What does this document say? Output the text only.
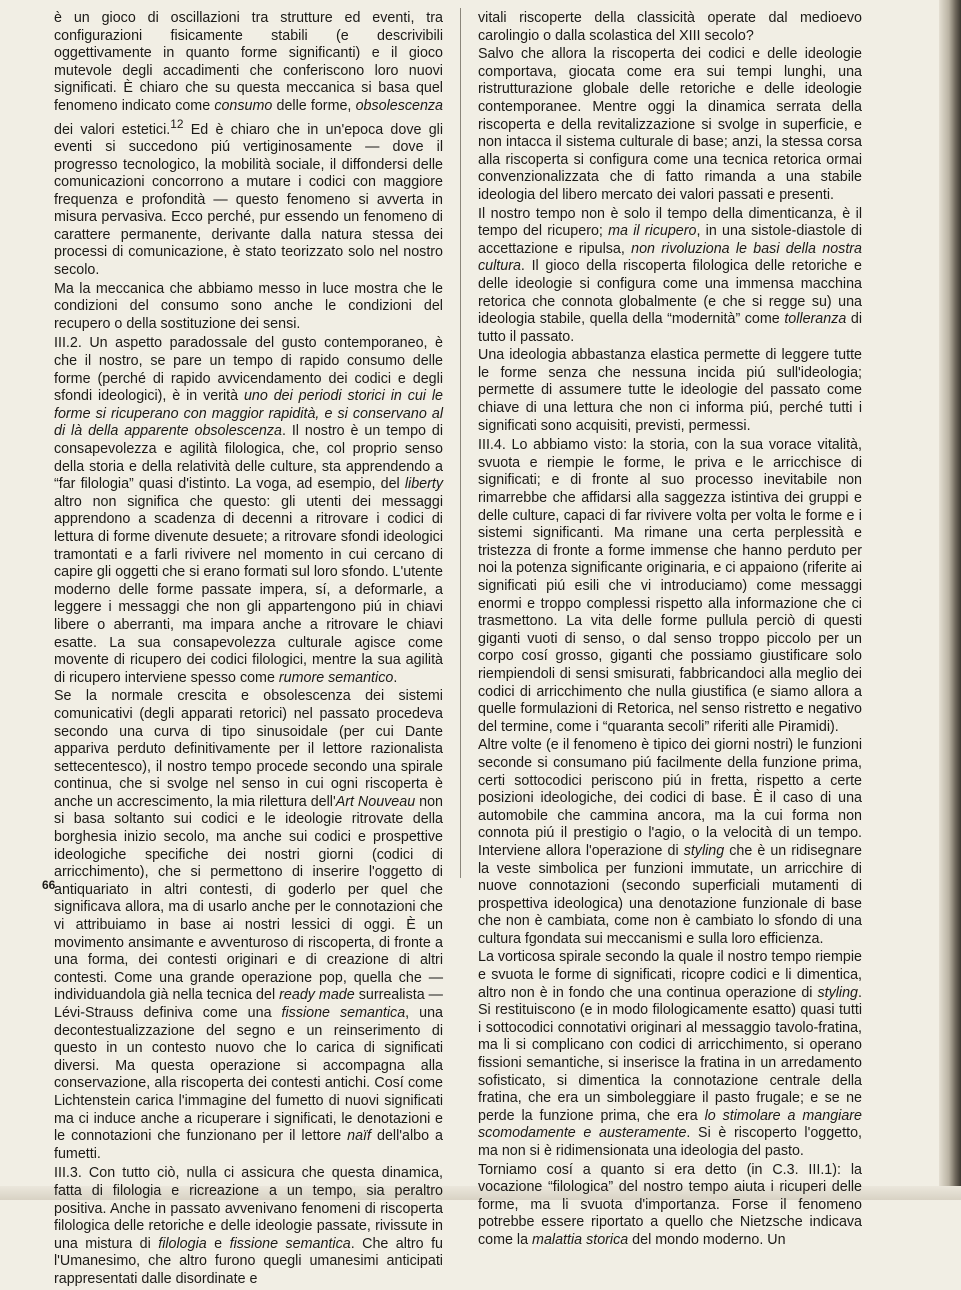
è un gioco di oscillazioni tra strutture ed eventi, tra configurazioni fisicamente stabili (e descrivibili oggettivamente in quanto forme significanti) e il gioco mutevole degli accadimenti che conferiscono loro nuovi significati. È chiaro che su questa meccanica si basa quel fenomeno indicato come consumo delle forme, obsolescenza dei valori estetici.$^{12}$ Ed è chiaro che in un'epoca dove gli eventi si succedono piú vertiginosamente — dove il progresso tecnologico, la mobilità sociale, il diffondersi delle comunicazioni concorrono a mutare i codici con maggiore frequenza e profondità — questo fenomeno si avverta in misura pervasiva. Ecco perché, pur essendo un fenomeno di carattere permanente, derivante dalla natura stessa dei processi di comunicazione, è stato teorizzato solo nel nostro secolo.

Ma la meccanica che abbiamo messo in luce mostra che le condizioni del consumo sono anche le condizioni del recupero o della sostituzione dei sensi.

III.2. Un aspetto paradossale del gusto contemporaneo, è che il nostro, se pare un tempo di rapido consumo delle forme (perché di rapido avvicendamento dei codici e degli sfondi ideologici), è in verità uno dei periodi storici in cui le forme si ricuperano con maggior rapidità, e si conservano al di là della apparente obsolescenza. Il nostro è un tempo di consapevolezza e agilità filologica, che, col proprio senso della storia e della relatività delle culture, sta apprendendo a “far filologia” quasi d'istinto. La voga, ad esempio, del liberty altro non significa che questo: gli utenti dei messaggi apprendono a scadenza di decenni a ritrovare i codici di lettura di forme divenute desuete; a ritrovare sfondi ideologici tramontati e a farli rivivere nel momento in cui cercano di capire gli oggetti che si erano formati sul loro sfondo. L'utente moderno delle forme passate impera, sí, a deformarle, a leggere i messaggi che non gli appartengono piú in chiavi libere o aberranti, ma impara anche a ritrovare le chiavi esatte. La sua consapevolezza culturale agisce come movente di ricupero dei codici filologici, mentre la sua agilità di ricupero interviene spesso come rumore semantico.

Se la normale crescita e obsolescenza dei sistemi comunicativi (degli apparati retorici) nel passato procedeva secondo una curva di tipo sinusoidale (per cui Dante appariva perduto definitivamente per il lettore razionalista settecentesco), il nostro tempo procede secondo una spirale continua, che si svolge nel senso in cui ogni riscoperta è anche un accrescimento, la mia rilettura dell'Art Nouveau non si basa soltanto sui codici e le ideologie ritrovate della borghesia inizio secolo, ma anche sui codici e prospettive ideologiche specifiche dei nostri giorni (codici di arricchimento), che si permettono di inserire l'oggetto di antiquariato in altri contesti, di goderlo per quel che significava allora, ma di usarlo anche per le connotazioni che vi attribuiamo in base ai nostri lessici di oggi. È un movimento ansimante e avventuroso di riscoperta, di fronte a una forma, dei contesti originari e di creazione di altri contesti. Come una grande operazione pop, quella che — individuandola già nella tecnica del ready made surrealista — Lévi-Strauss definiva come una fissione semantica, una decontestualizzazione del segno e un reinserimento di questo in un contesto nuovo che lo carica di significati diversi. Ma questa operazione si accompagna alla conservazione, alla riscoperta dei contesti antichi. Cosí come Lichtenstein carica l'immagine del fumetto di nuovi significati ma ci induce anche a ricuperare i significati, le denotazioni e le connotazioni che funzionano per il lettore naïf dell'albo a fumetti.

III.3. Con tutto ciò, nulla ci assicura che questa dinamica, fatta di filologia e ricreazione a un tempo, sia peraltro positiva. Anche in passato avvenivano fenomeni di riscoperta filologica delle retoriche e delle ideologie passate, rivissute in una mistura di filologia e fissione semantica. Che altro fu l'Umanesimo, che altro furono quegli umanesimi anticipati rappresentati dalle disordinate e

vitali riscoperte della classicità operate dal medioevo carolingio o dalla scolastica del XIII secolo?

Salvo che allora la riscoperta dei codici e delle ideologie comportava, giocata come era sui tempi lunghi, una ristrutturazione globale delle retoriche e delle ideologie contemporanee. Mentre oggi la dinamica serrata della riscoperta e della revitalizzazione si svolge in superficie, e non intacca il sistema culturale di base; anzi, la stessa corsa alla riscoperta si configura come una tecnica retorica ormai convenzionalizzata che di fatto rimanda a una stabile ideologia del libero mercato dei valori passati e presenti.

Il nostro tempo non è solo il tempo della dimenticanza, è il tempo del ricupero; ma il ricupero, in una sistole-diastole di accettazione e ripulsa, non rivoluziona le basi della nostra cultura. Il gioco della riscoperta filologica delle retoriche e delle ideologie si configura come una immensa macchina retorica che connota globalmente (e che si regge su) una ideologia stabile, quella della “modernità” come tolleranza di tutto il passato.

Una ideologia abbastanza elastica permette di leggere tutte le forme senza che nessuna incida piú sull'ideologia; permette di assumere tutte le ideologie del passato come chiave di una lettura che non ci informa piú, perché tutti i significati sono acquisiti, previsti, permessi.

III.4. Lo abbiamo visto: la storia, con la sua vorace vitalità, svuota e riempie le forme, le priva e le arricchisce di significati; e di fronte al suo processo inevitabile non rimarrebbe che affidarsi alla saggezza istintiva dei gruppi e delle culture, capaci di far rivivere volta per volta le forme e i sistemi significanti. Ma rimane una certa perplessità e tristezza di fronte a forme immense che hanno perduto per noi la potenza significante originaria, e ci appaiono (riferite ai significati piú esili che vi introduciamo) come messaggi enormi e troppo complessi rispetto alla informazione che ci trasmettono. La vita delle forme pullula perciò di questi giganti vuoti di senso, o dal senso troppo piccolo per un corpo cosí grosso, giganti che possiamo giustificare solo riempiendoli di sensi smisurati, fabbricandoci alla meglio dei codici di arricchimento che nulla giustifica (e siamo allora a quelle formulazioni di Retorica, nel senso ristretto e negativo del termine, come i “quaranta secoli” riferiti alle Piramidi).

Altre volte (e il fenomeno è tipico dei giorni nostri) le funzioni seconde si consumano piú facilmente della funzione prima, certi sottocodici periscono piú in fretta, rispetto a certe posizioni ideologiche, dei codici di base. È il caso di una automobile che cammina ancora, ma la cui forma non connota piú il prestigio o l'agio, o la velocità di un tempo. Interviene allora l'operazione di styling che è un ridisegnare la veste simbolica per funzioni immutate, un arricchire di nuove connotazioni (secondo superficiali mutamenti di prospettiva ideologica) una denotazione funzionale di base che non è cambiata, come non è cambiato lo sfondo di una cultura fgondata sui meccanismi e sulla loro efficienza.

La vorticosa spirale secondo la quale il nostro tempo riempie e svuota le forme di significati, ricopre codici e li dimentica, altro non è in fondo che una continua operazione di styling. Si restituiscono (e in modo filologicamente esatto) quasi tutti i sottocodici connotativi originari al messaggio tavolo-fratina, ma li si complicano con codici di arricchimento, si operano fissioni semantiche, si inserisce la fratina in un arredamento sofisticato, si dimentica la connotazione centrale della fratina, che era un simboleggiare il pasto frugale; e se ne perde la funzione prima, che era lo stimolare a mangiare scomodamente e austeramente. Si è riscoperto l'oggetto, ma non si è ridimensionata una ideologia del pasto.

Torniamo cosí a quanto si era detto (in C.3. III.1): la vocazione “filologica” del nostro tempo aiuta i ricuperi delle forme, ma li svuota d'importanza. Forse il fenomeno potrebbe essere riportato a quello che Nietzsche indicava come la malattia storica del mondo moderno. Un

66
